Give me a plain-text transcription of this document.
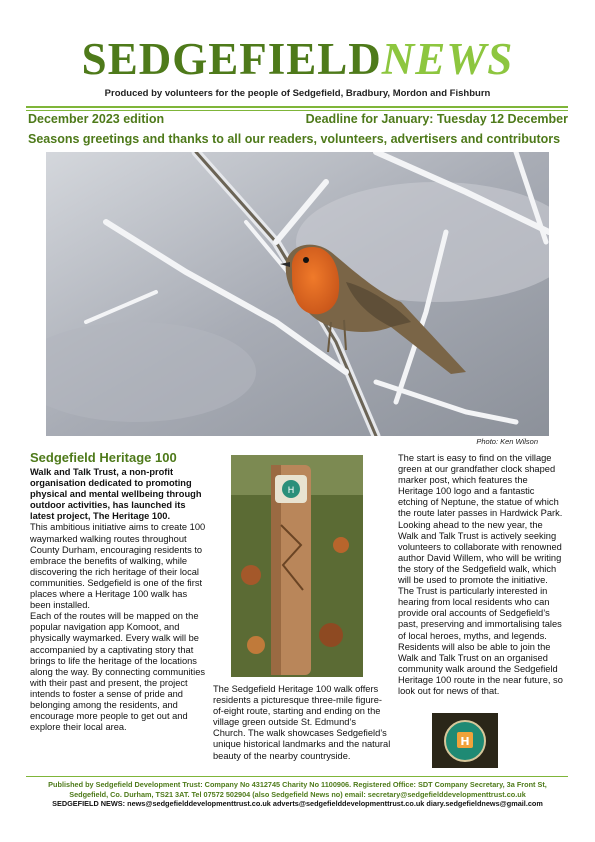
SEDGEFIELDNEWS
Produced by volunteers for the people of Sedgefield, Bradbury, Mordon and Fishburn
December 2023 edition	Deadline for January: Tuesday 12 December
Seasons greetings and thanks to all our readers, volunteers, advertisers and contributors
Photo: Ken Wilson
Sedgefield Heritage 100

Walk and Talk Trust, a non-profit organisation dedicated to promoting physical and mental wellbeing through outdoor activities, has launched its latest project, The Heritage 100.

This ambitious initiative aims to create 100 waymarked walking routes throughout County Durham, encouraging residents to embrace the benefits of walking, while discovering the rich heritage of their local communities. Sedgefield is one of the first places where a Heritage 100 walk has been installed.

Each of the routes will be mapped on the popular navigation app Komoot, and physically waymarked. Every walk will be accompanied by a captivating story that brings to life the heritage of the locations along the way. By connecting communities with their past and present, the project intends to foster a sense of pride and belonging among the residents, and encourage more people to get out and explore their local area.

H
The Sedgefield Heritage 100 walk offers residents a picturesque three-mile figure-of-eight route, starting and ending on the village green outside St. Edmund’s Church. The walk showcases Sedgefield’s unique historical landmarks and the natural beauty of the nearby countryside.

The start is easy to find on the village green at our grandfather clock shaped marker post, which features the Heritage 100 logo and a fantastic etching of Neptune, the statue of which the route later passes in Hardwick Park.

Looking ahead to the new year, the Walk and Talk Trust is actively seeking volunteers to collaborate with renowned author David Willem, who will be writing the story of the Sedgefield walk, which will be used to promote the initiative. The Trust is particularly interested in hearing from local residents who can provide oral accounts of Sedgefield’s past, preserving and immortalising tales of local heroes, myths, and legends.

Residents will also be able to join the Walk and Talk Trust on an organised community walk around the Sedgefield Heritage 100 route in the near future, so look out for news of that.

H
Published by Sedgefield Development Trust: Company No 4312745 Charity No 1100906. Registered Office: SDT Company Secretary, 3a Front St,
Sedgefield, Co. Durham, TS21 3AT. Tel 07572 502904 (also Sedgefield News no) email: secretary@sedgefielddevelopmenttrust.co.uk
SEDGEFIELD NEWS: news@sedgefielddevelopmenttrust.co.uk adverts@sedgefielddevelopmenttrust.co.uk diary.sedgefieldnews@gmail.com
